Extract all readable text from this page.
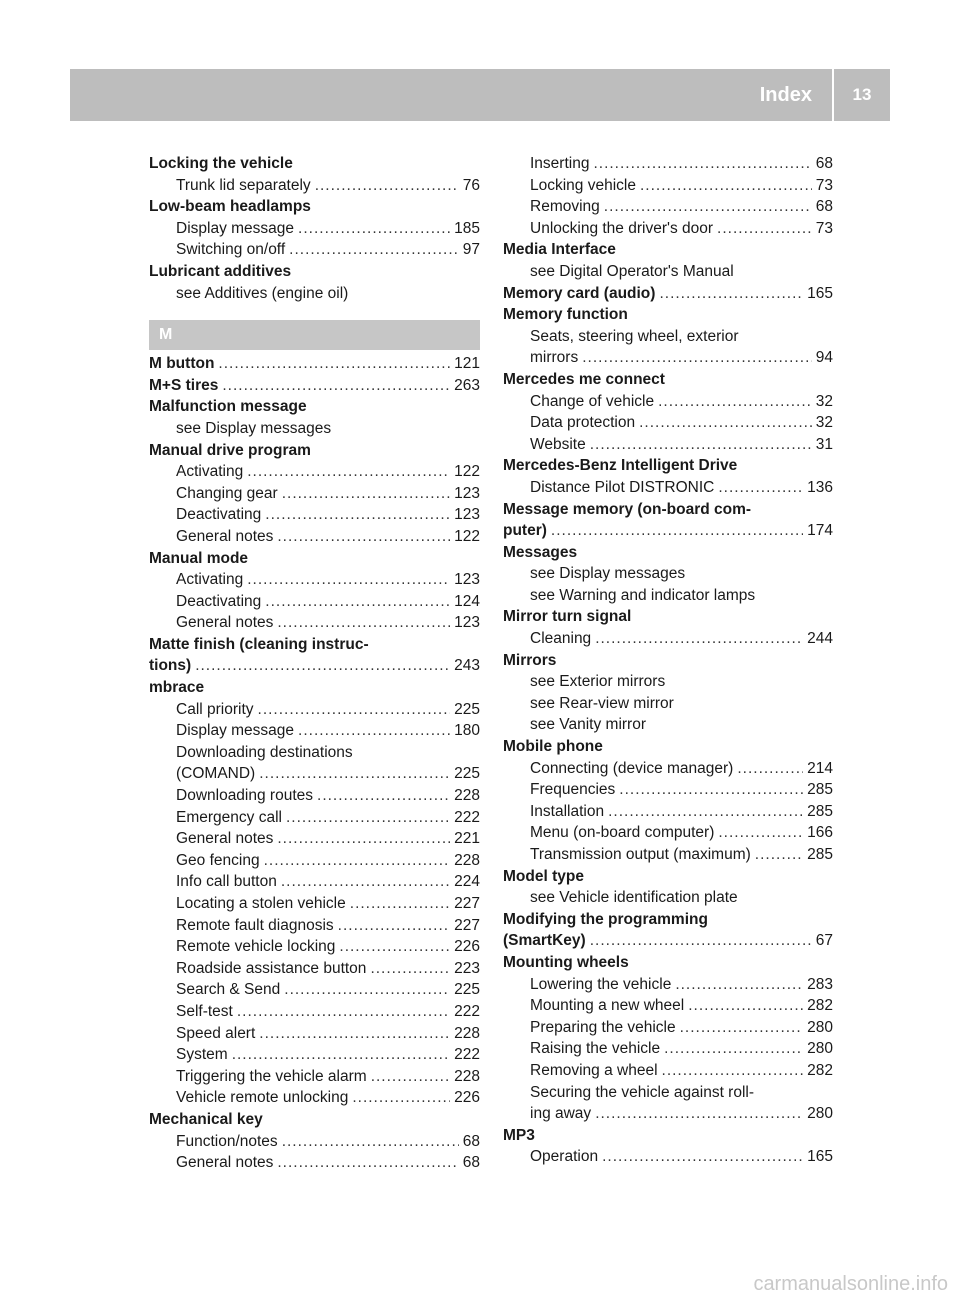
Index	13
Locking the vehicle
Trunk lid separately .....	76
Low-beam headlamps
Display message .....	185
Switching on/off .....	97
Lubricant additives
see Additives (engine oil)
M
M button .....	121
M+S tires .....	263
Malfunction message
see Display messages
Manual drive program
Activating .....	122
Changing gear .....	123
Deactivating .....	123
General notes .....	122
Manual mode
Activating .....	123
Deactivating .....	124
General notes .....	123
Matte finish (cleaning instruc-
tions) .....	243
mbrace
Call priority .....	225
Display message .....	180
Downloading destinations
(COMAND) .....	225
Downloading routes .....	228
Emergency call .....	222
General notes .....	221
Geo fencing .....	228
Info call button .....	224
Locating a stolen vehicle .....	227
Remote fault diagnosis .....	227
Remote vehicle locking .....	226
Roadside assistance button .....	223
Search & Send .....	225
Self-test .....	222
Speed alert .....	228
System .....	222
Triggering the vehicle alarm .....	228
Vehicle remote unlocking .....	226
Mechanical key
Function/notes .....	68
General notes .....	68
Inserting .....	68
Locking vehicle .....	73
Removing .....	68
Unlocking the driver's door .....	73
Media Interface
see Digital Operator's Manual
Memory card (audio) .....	165
Memory function
Seats, steering wheel, exterior
mirrors .....	94
Mercedes me connect
Change of vehicle .....	32
Data protection .....	32
Website .....	31
Mercedes-Benz Intelligent Drive
Distance Pilot DISTRONIC .....	136
Message memory (on-board com-
puter) .....	174
Messages
see Display messages
see Warning and indicator lamps
Mirror turn signal
Cleaning .....	244
Mirrors
see Exterior mirrors
see Rear-view mirror
see Vanity mirror
Mobile phone
Connecting (device manager) .....	214
Frequencies .....	285
Installation .....	285
Menu (on-board computer) .....	166
Transmission output (maximum) .....	285
Model type
see Vehicle identification plate
Modifying the programming
(SmartKey) .....	67
Mounting wheels
Lowering the vehicle .....	283
Mounting a new wheel .....	282
Preparing the vehicle .....	280
Raising the vehicle .....	280
Removing a wheel .....	282
Securing the vehicle against roll-
ing away .....	280
MP3
Operation .....	165
carmanualsonline.info
